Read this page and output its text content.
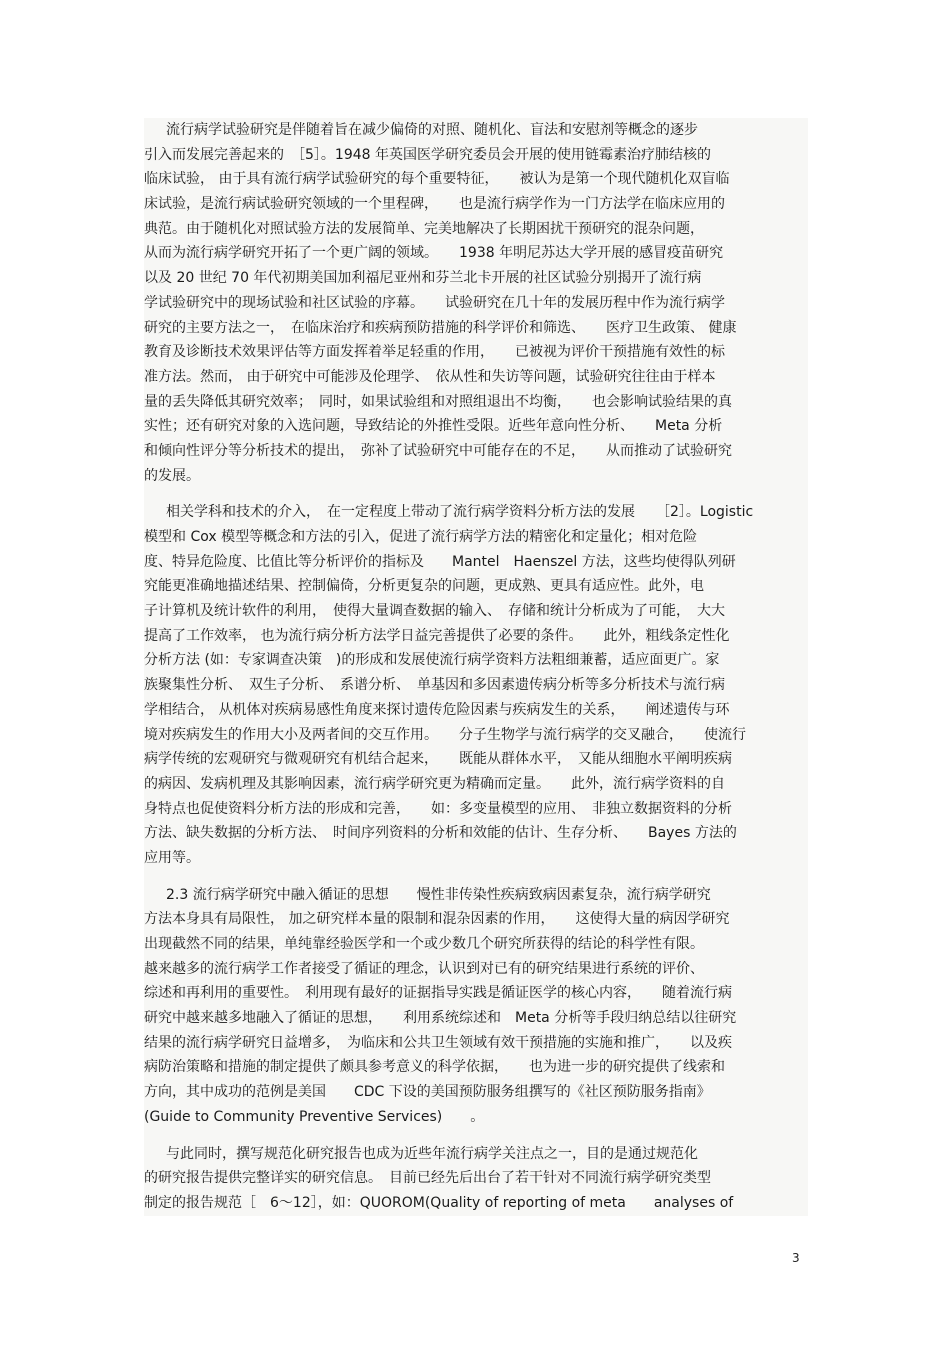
流行病学试验研究是伴随着旨在减少偏倚的对照、随机化、盲法和安慰剂等概念的逐步
引入而发展完善起来的　［5］。1948 年英国医学研究委员会开展的使用链霉素治疗肺结核的
临床试验， 由于具有流行病学试验研究的每个重要特征，　　被认为是第一个现代随机化双盲临
床试验，是流行病试验研究领域的一个里程碑，　　也是流行病学作为一门方法学在临床应用的
典范。由于随机化对照试验方法的发展简单、完美地解决了长期困扰干预研究的混杂问题，
从而为流行病学研究开拓了一个更广阔的领域。　　1938 年明尼苏达大学开展的感冒疫苗研究
以及 20 世纪 70 年代初期美国加利福尼亚州和芬兰北卡开展的社区试验分别揭开了流行病
学试验研究中的现场试验和社区试验的序幕。　　试验研究在几十年的发展历程中作为流行病学
研究的主要方法之一，　在临床治疗和疾病预防措施的科学评价和筛选、　　医疗卫生政策、 健康
教育及诊断技术效果评估等方面发挥着举足轻重的作用，　　已被视为评价干预措施有效性的标
准方法。然而， 由于研究中可能涉及伦理学、　依从性和失访等问题，试验研究往往由于样本
量的丢失降低其研究效率；　同时，如果试验组和对照组退出不均衡，　　也会影响试验结果的真
实性；还有研究对象的入选问题，导致结论的外推性受限。近些年意向性分析、　　Meta 分析
和倾向性评分等分析技术的提出，　弥补了试验研究中可能存在的不足，　　从而推动了试验研究
的发展。

相关学科和技术的介入，　在一定程度上带动了流行病学资料分析方法的发展　　［2］。Logistic
模型和 Cox 模型等概念和方法的引入，促进了流行病学方法的精密化和定量化；相对危险
度、特异危险度、比值比等分析评价的指标及　　Mantel　Haenszel 方法，这些均使得队列研
究能更准确地描述结果、控制偏倚，分析更复杂的问题，更成熟、更具有适应性。此外，电
子计算机及统计软件的利用，　使得大量调查数据的输入、　存储和统计分析成为了可能，　大大
提高了工作效率， 也为流行病分析方法学日益完善提供了必要的条件。　　此外，粗线条定性化
分析方法 (如：专家调查决策　)的形成和发展使流行病学资料方法粗细兼蓄，适应面更广。家
族聚集性分析、　双生子分析、　系谱分析、　单基因和多因素遗传病分析等多分析技术与流行病
学相结合， 从机体对疾病易感性角度来探讨遗传危险因素与疾病发生的关系，　　阐述遗传与环
境对疾病发生的作用大小及两者间的交互作用。　　分子生物学与流行病学的交叉融合，　　使流行
病学传统的宏观研究与微观研究有机结合起来，　　既能从群体水平，　又能从细胞水平阐明疾病
的病因、发病机理及其影响因素，流行病学研究更为精确而定量。　　此外，流行病学资料的自
身特点也促使资料分析方法的形成和完善，　　如：多变量模型的应用、　非独立数据资料的分析
方法、缺失数据的分析方法、　时间序列资料的分析和效能的估计、生存分析、　　Bayes 方法的
应用等。

2.3 流行病学研究中融入循证的思想　　慢性非传染性疾病致病因素复杂，流行病学研究
方法本身具有局限性， 加之研究样本量的限制和混杂因素的作用，　　这使得大量的病因学研究
出现截然不同的结果，单纯靠经验医学和一个或少数几个研究所获得的结论的科学性有限。
越来越多的流行病学工作者接受了循证的理念，认识到对已有的研究结果进行系统的评价、
综述和再利用的重要性。　利用现有最好的证据指导实践是循证医学的核心内容，　　随着流行病
研究中越来越多地融入了循证的思想，　　利用系统综述和　Meta 分析等手段归纳总结以往研究
结果的流行病学研究日益增多，　为临床和公共卫生领域有效干预措施的实施和推广，　　以及疾
病防治策略和措施的制定提供了颇具参考意义的科学依据，　　也为进一步的研究提供了线索和
方向，其中成功的范例是美国　　CDC 下设的美国预防服务组撰写的《社区预防服务指南》
(Guide to Community Preventive Services)　　。

与此同时，撰写规范化研究报告也成为近些年流行病学关注点之一，目的是通过规范化
的研究报告提供完整详实的研究信息。　目前已经先后出台了若干针对不同流行病学研究类型
制定的报告规范［　6～12］，如：QUOROM(Quality of reporting of meta　　analyses of

3
